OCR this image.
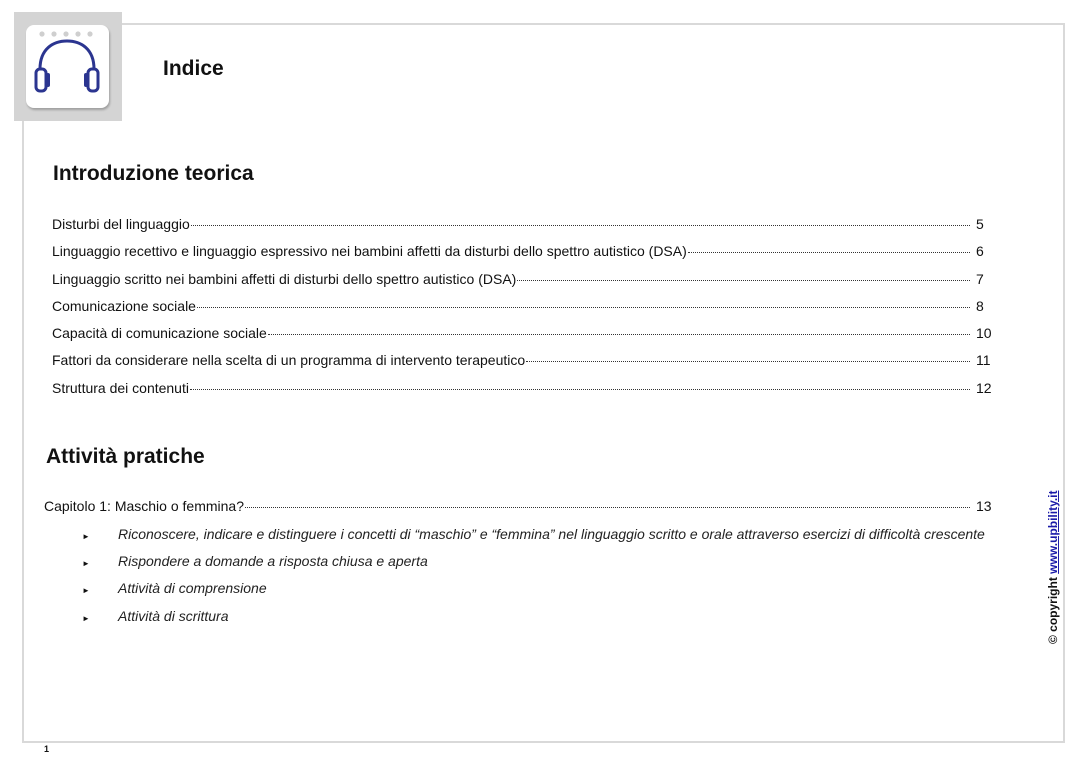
Indice
Introduzione teorica
Disturbi del linguaggio	5
Linguaggio recettivo e linguaggio espressivo nei bambini affetti da disturbi dello spettro autistico (DSA)	6
Linguaggio scritto nei bambini affetti di disturbi dello spettro autistico (DSA)	7
Comunicazione sociale	8
Capacità di comunicazione sociale	10
Fattori da considerare nella scelta di un programma di intervento terapeutico	11
Struttura dei contenuti	12
Attività pratiche
Capitolo 1: Maschio o femmina?	13
►	Riconoscere, indicare e distinguere i concetti di “maschio” e “femmina” nel linguaggio scritto e orale attraverso esercizi di difficoltà crescente
►	Rispondere a domande a risposta chiusa e aperta
►	Attività di comprensione
►	Attività di scrittura	© copyright www.upbility.it
1
